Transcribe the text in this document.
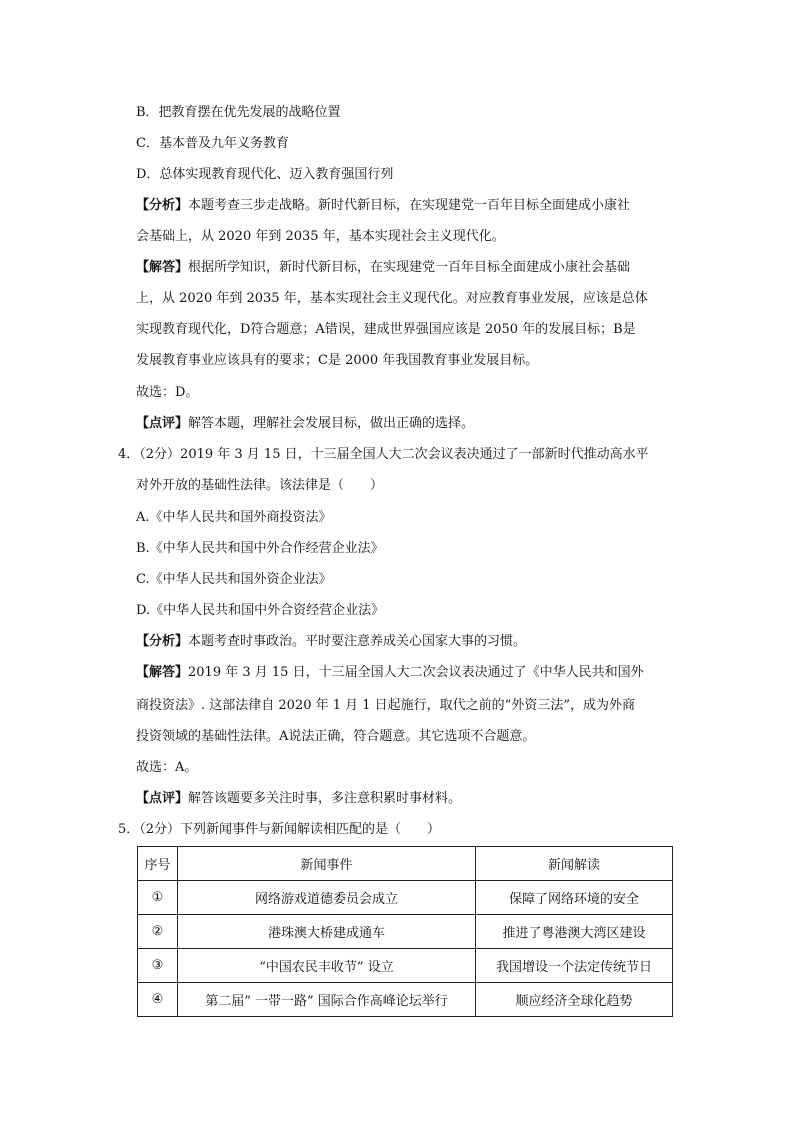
B．把教育摆在优先发展的战略位置
C．基本普及九年义务教育
D．总体实现教育现代化、迈入教育强国行列
【分析】本题考查三步走战略。新时代新目标，在实现建党一百年目标全面建成小康社
会基础上，从 2020 年到 2035 年，基本实现社会主义现代化。
【解答】根据所学知识，新时代新目标，在实现建党一百年目标全面建成小康社会基础
上，从 2020 年到 2035 年，基本实现社会主义现代化。对应教育事业发展，应该是总体
实现教育现代化，D符合题意；A错误，建成世界强国应该是 2050 年的发展目标；B是
发展教育事业应该具有的要求；C是 2000 年我国教育事业发展目标。
故选：D。
【点评】解答本题，理解社会发展目标，做出正确的选择。
4．（2分）2019 年 3 月 15 日，十三届全国人大二次会议表决通过了一部新时代推动高水平
对外开放的基础性法律。该法律是（　　）
A.《中华人民共和国外商投资法》
B.《中华人民共和国中外合作经营企业法》
C.《中华人民共和国外资企业法》
D.《中华人民共和国中外合资经营企业法》
【分析】本题考查时事政治。平时要注意养成关心国家大事的习惯。
【解答】2019 年 3 月 15 日，十三届全国人大二次会议表决通过了《中华人民共和国外
商投资法》. 这部法律自 2020 年 1 月 1 日起施行，取代之前的“外资三法”，成为外商
投资领域的基础性法律。A说法正确，符合题意。其它选项不合题意。
故选：A。
【点评】解答该题要多关注时事，多注意积累时事材料。
5．（2分）下列新闻事件与新闻解读相匹配的是（　　）
序号	新闻事件	新闻解读
①	网络游戏道德委员会成立	保障了网络环境的安全
②	港珠澳大桥建成通车	推进了粤港澳大湾区建设
③	“中国农民丰收节” 设立	我国增设一个法定传统节日
④	第二届” 一带一路” 国际合作高峰论坛举行	顺应经济全球化趋势
